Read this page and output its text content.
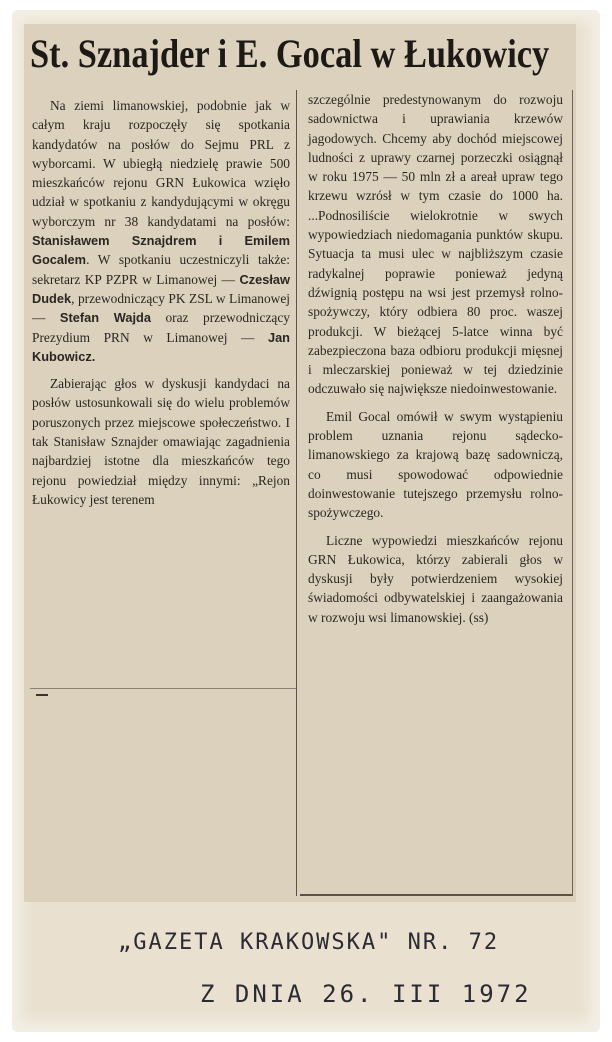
St. Sznajder i E. Gocal w Łukowicy

Na ziemi limanowskiej, podobnie jak w całym kraju rozpoczęły się spotkania kandydatów na posłów do Sejmu PRL z wyborcami. W ubiegłą niedzielę prawie 500 mieszkańców rejonu GRN Łukowica wzięło udział w spotkaniu z kandydującymi w okręgu wyborczym nr 38 kandydatami na posłów: Stanisławem Sznajdrem i Emilem Gocalem. W spotkaniu uczestniczyli także: sekretarz KP PZPR w Limanowej — Czesław Dudek, przewodniczący PK ZSL w Limanowej — Stefan Wajda oraz przewodniczący Prezydium PRN w Limanowej — Jan Kubowicz.

Zabierając głos w dyskusji kandydaci na posłów ustosunkowali się do wielu problemów poruszonych przez miejscowe społeczeństwo. I tak Stanisław Sznajder omawiając zagadnienia najbardziej istotne dla mieszkańców tego rejonu powiedział między innymi: „Rejon Łukowicy jest terenem

szczególnie predestynowanym do rozwoju sadownictwa i uprawiania krzewów jagodowych. Chcemy aby dochód miejscowej ludności z uprawy czarnej porzeczki osiągnął w roku 1975 — 50 mln zł a areał upraw tego krzewu wzrósł w tym czasie do 1000 ha. ...Podnosiliście wielokrotnie w swych wypowiedziach niedomagania punktów skupu. Sytuacja ta musi ulec w najbliższym czasie radykalnej poprawie ponieważ jedyną dźwignią postępu na wsi jest przemysł rolno-spożywczy, który odbiera 80 proc. waszej produkcji. W bieżącej 5-latce winna być zabezpieczona baza odbioru produkcji mięsnej i mleczarskiej ponieważ w tej dziedzinie odczuwało się największe niedoinwestowanie.

Emil Gocal omówił w swym wystąpieniu problem uznania rejonu sądecko-limanowskiego za krajową bazę sadowniczą, co musi spowodować odpowiednie doinwestowanie tutejszego przemysłu rolno-spożywczego.

Liczne wypowiedzi mieszkańców rejonu GRN Łukowica, którzy zabierali głos w dyskusji były potwierdzeniem wysokiej świadomości odbywatelskiej i zaangażowania w rozwoju wsi limanowskiej. (ss)

„GAZETA KRAKOWSKA" NR. 72
Z DNIA 26. III 1972
